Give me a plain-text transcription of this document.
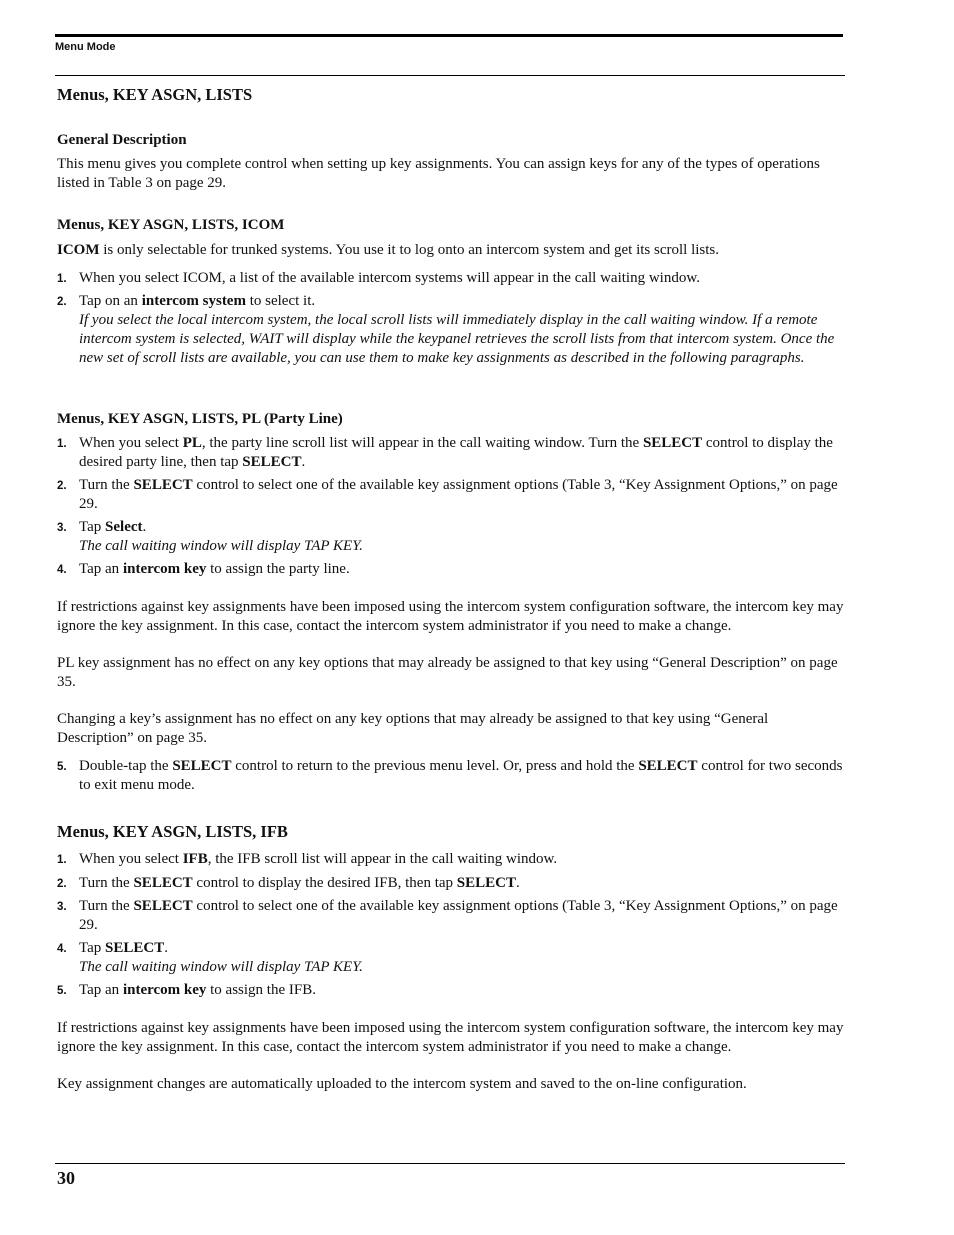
Menu Mode
Menus, KEY ASGN, LISTS
General Description
This menu gives you complete control when setting up key assignments. You can assign keys for any of the types of operations listed in Table 3 on page 29.
Menus, KEY ASGN, LISTS, ICOM
ICOM is only selectable for trunked systems. You use it to log onto an intercom system and get its scroll lists.
1. When you select ICOM, a list of the available intercom systems will appear in the call waiting window.
2. Tap on an intercom system to select it.
If you select the local intercom system, the local scroll lists will immediately display in the call waiting window. If a remote intercom system is selected, WAIT will display while the keypanel retrieves the scroll lists from that intercom system. Once the new set of scroll lists are available, you can use them to make key assignments as described in the following paragraphs.
Menus, KEY ASGN, LISTS, PL (Party Line)
1. When you select PL, the party line scroll list will appear in the call waiting window. Turn the SELECT control to display the desired party line, then tap SELECT.
2. Turn the SELECT control to select one of the available key assignment options (Table 3, “Key Assignment Options,” on page 29.
3. Tap Select.
The call waiting window will display TAP KEY.
4. Tap an intercom key to assign the party line.
If restrictions against key assignments have been imposed using the intercom system configuration software, the intercom key may ignore the key assignment. In this case, contact the intercom system administrator if you need to make a change.
PL key assignment has no effect on any key options that may already be assigned to that key using “General Description” on page 35.
Changing a key’s assignment has no effect on any key options that may already be assigned to that key using “General Description” on page 35.
5. Double-tap the SELECT control to return to the previous menu level. Or, press and hold the SELECT control for two seconds to exit menu mode.
Menus, KEY ASGN, LISTS, IFB
1. When you select IFB, the IFB scroll list will appear in the call waiting window.
2. Turn the SELECT control to display the desired IFB, then tap SELECT.
3. Turn the SELECT control to select one of the available key assignment options (Table 3, “Key Assignment Options,” on page 29.
4. Tap SELECT.
The call waiting window will display TAP KEY.
5. Tap an intercom key to assign the IFB.
If restrictions against key assignments have been imposed using the intercom system configuration software, the intercom key may ignore the key assignment. In this case, contact the intercom system administrator if you need to make a change.
Key assignment changes are automatically uploaded to the intercom system and saved to the on-line configuration.
30
